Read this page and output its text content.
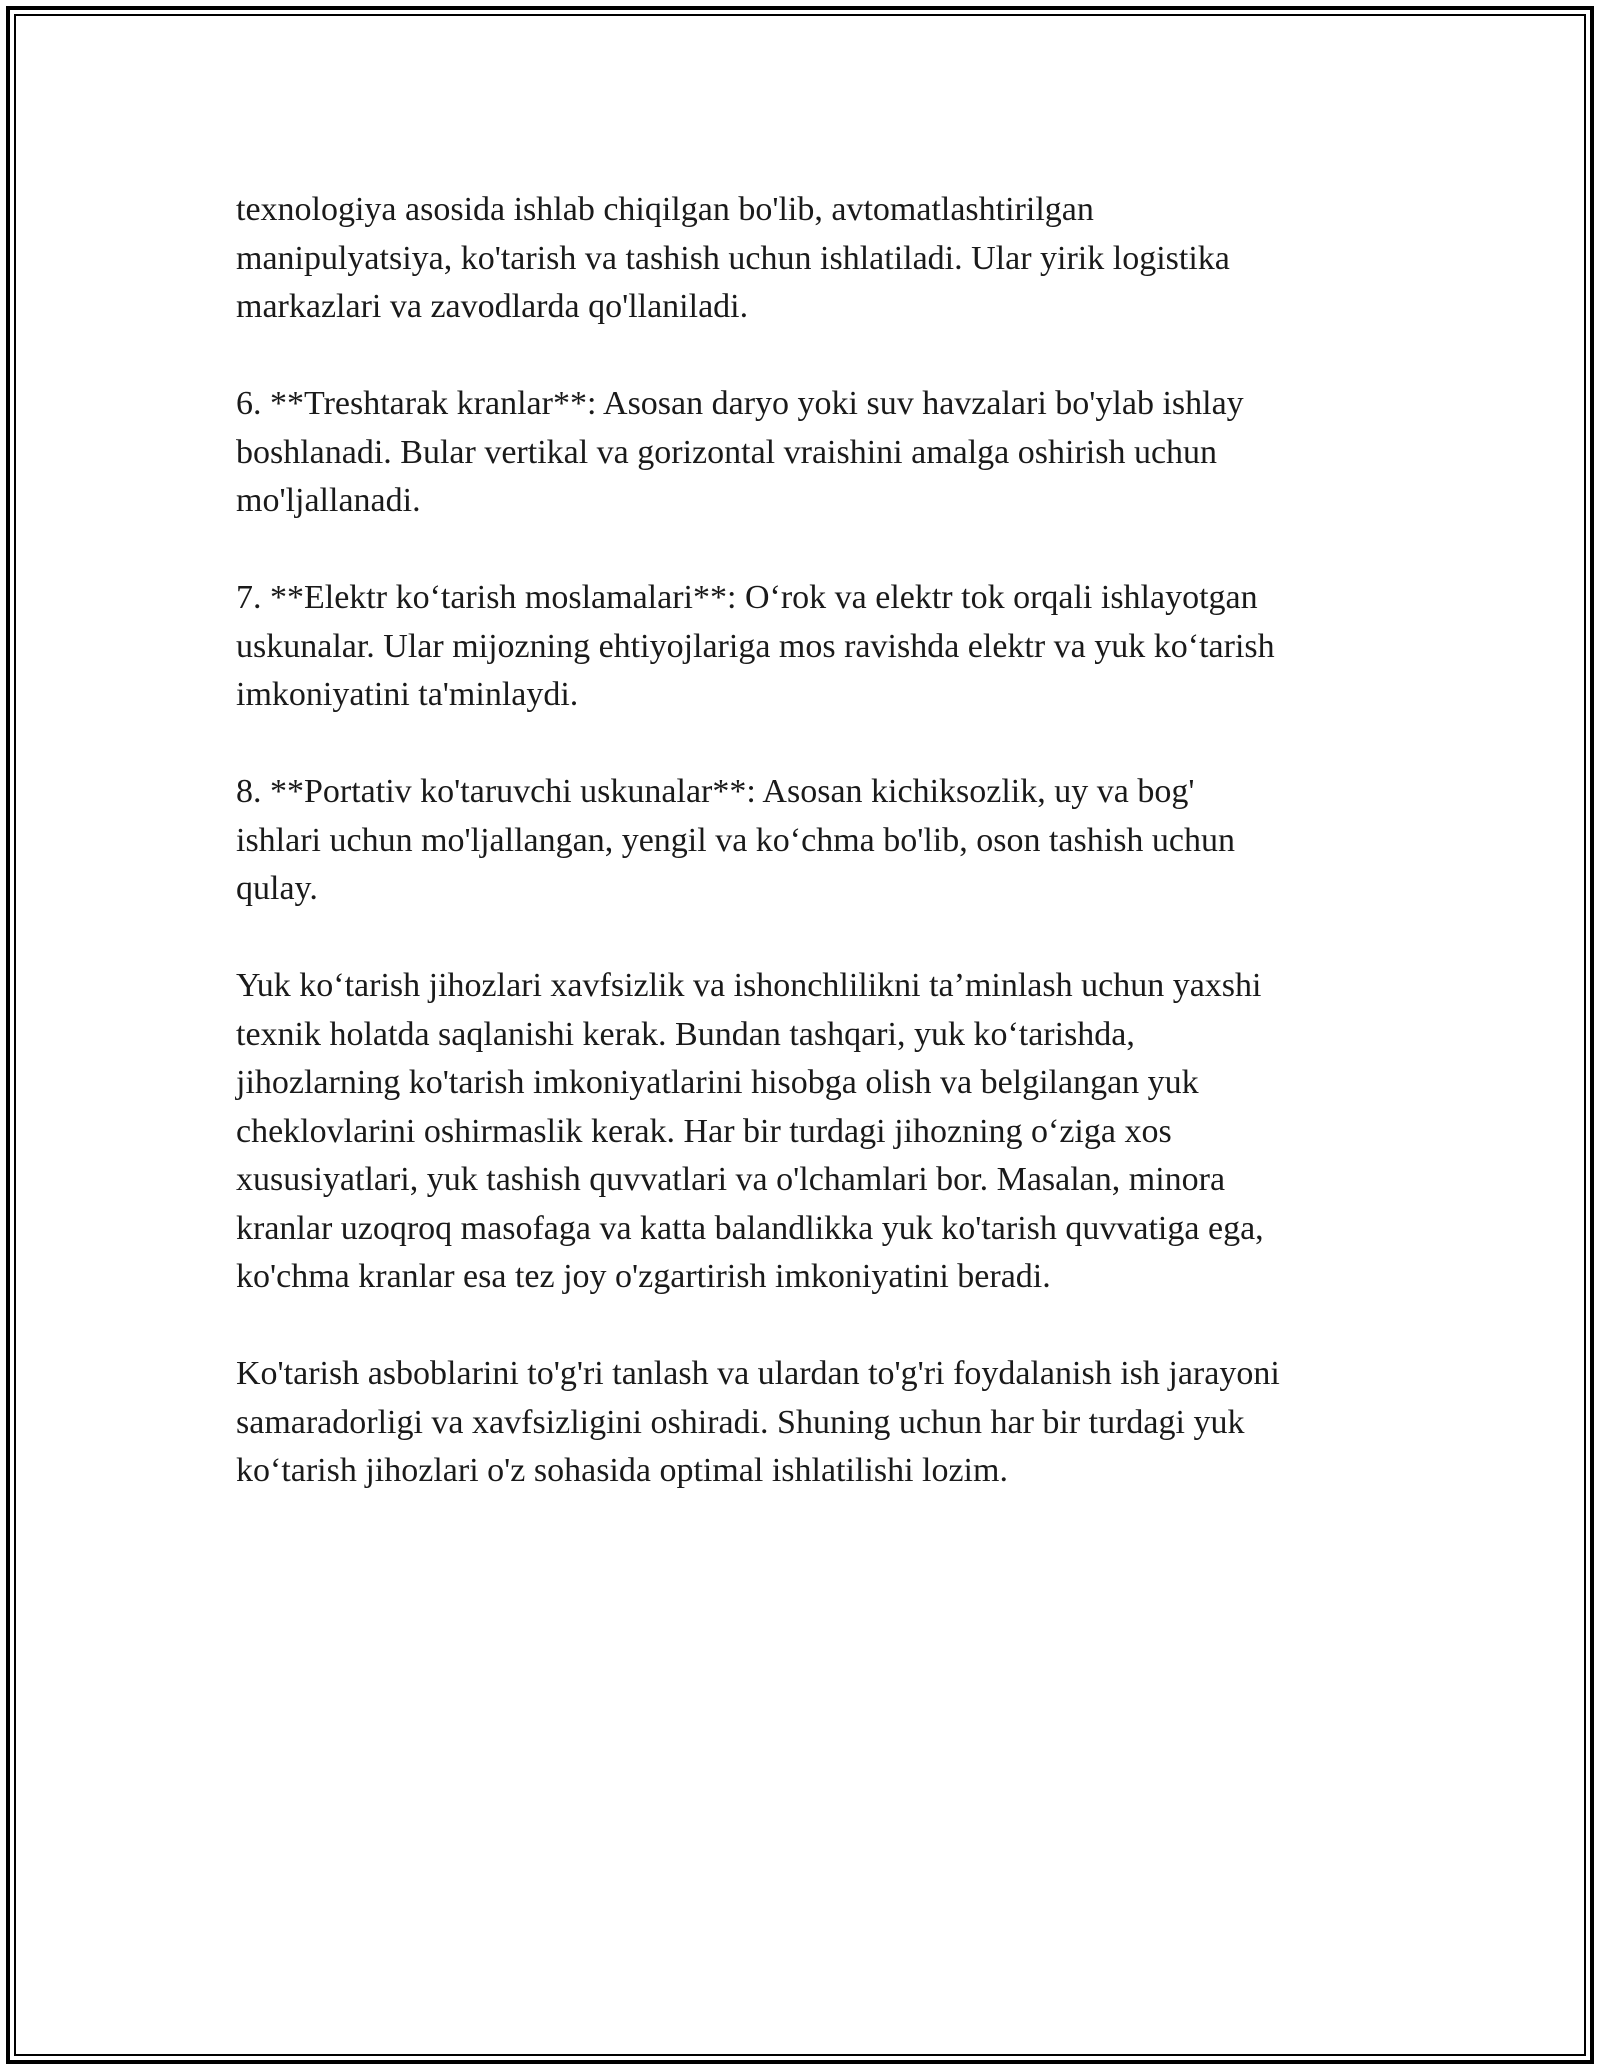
texnologiya asosida ishlab chiqilgan bo'lib, avtomatlashtirilgan
manipulyatsiya, ko'tarish va tashish uchun ishlatiladi. Ular yirik logistika
markazlari va zavodlarda qo'llaniladi.

6. **Treshtarak kranlar**: Asosan daryo yoki suv havzalari bo'ylab ishlay
boshlanadi. Bular vertikal va gorizontal vraishini amalga oshirish uchun
mo'ljallanadi.

7. **Elektr ko‘tarish moslamalari**: O‘rok va elektr tok orqali ishlayotgan
uskunalar. Ular mijozning ehtiyojlariga mos ravishda elektr va yuk ko‘tarish
imkoniyatini ta'minlaydi.

8. **Portativ ko'taruvchi uskunalar**: Asosan kichiksozlik, uy va bog'
ishlari uchun mo'ljallangan, yengil va ko‘chma bo'lib, oson tashish uchun
qulay.

Yuk ko‘tarish jihozlari xavfsizlik va ishonchlilikni ta’minlash uchun yaxshi
texnik holatda saqlanishi kerak. Bundan tashqari, yuk ko‘tarishda,
jihozlarning ko'tarish imkoniyatlarini hisobga olish va belgilangan yuk
cheklovlarini oshirmaslik kerak. Har bir turdagi jihozning o‘ziga xos
xususiyatlari, yuk tashish quvvatlari va o'lchamlari bor. Masalan, minora
kranlar uzoqroq masofaga va katta balandlikka yuk ko'tarish quvvatiga ega,
ko'chma kranlar esa tez joy o'zgartirish imkoniyatini beradi.

Ko'tarish asboblarini to'g'ri tanlash va ulardan to'g'ri foydalanish ish jarayoni
samaradorligi va xavfsizligini oshiradi. Shuning uchun har bir turdagi yuk
ko‘tarish jihozlari o'z sohasida optimal ishlatilishi lozim.
